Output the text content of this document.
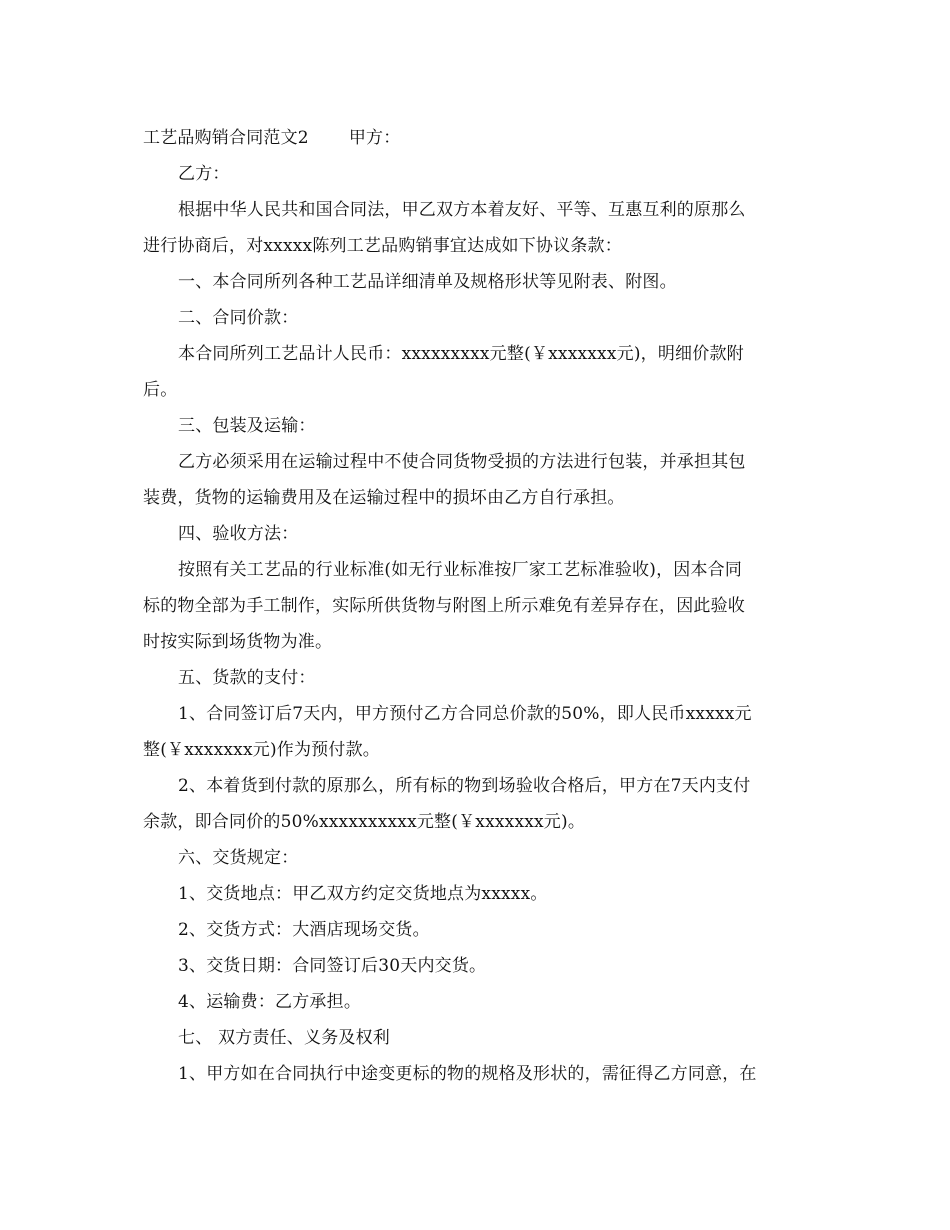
工艺品购销合同范文2 甲方：
乙方：
根据中华人民共和国合同法，甲乙双方本着友好、平等、互惠互利的原那么
进行协商后，对xxxxx陈列工艺品购销事宜达成如下协议条款：
一、本合同所列各种工艺品详细清单及规格形状等见附表、附图。
二、合同价款：
本合同所列工艺品计人民币：xxxxxxxxx元整(￥xxxxxxx元)，明细价款附
后。
三、包装及运输：
乙方必须采用在运输过程中不使合同货物受损的方法进行包装，并承担其包
装费，货物的运输费用及在运输过程中的损坏由乙方自行承担。
四、验收方法：
按照有关工艺品的行业标准(如无行业标准按厂家工艺标准验收)，因本合同
标的物全部为手工制作，实际所供货物与附图上所示难免有差异存在，因此验收
时按实际到场货物为准。
五、货款的支付：
1、合同签订后7天内，甲方预付乙方合同总价款的50%，即人民币xxxxx元
整(￥xxxxxxx元)作为预付款。
2、本着货到付款的原那么，所有标的物到场验收合格后，甲方在7天内支付
余款，即合同价的50%xxxxxxxxxx元整(￥xxxxxxx元)。
六、交货规定：
1、交货地点：甲乙双方约定交货地点为xxxxx。
2、交货方式：大酒店现场交货。
3、交货日期：合同签订后30天内交货。
4、运输费：乙方承担。
七、 双方责任、义务及权利
1、甲方如在合同执行中途变更标的物的规格及形状的，需征得乙方同意，在
